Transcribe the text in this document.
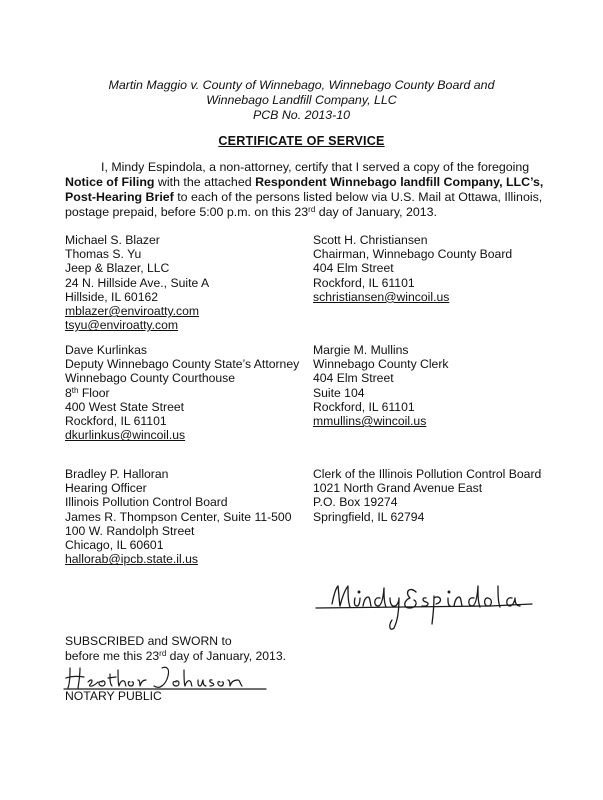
Martin Maggio v. County of Winnebago, Winnebago County Board and
Winnebago Landfill Company, LLC
PCB No. 2013-10
CERTIFICATE OF SERVICE
I, Mindy Espindola, a non-attorney, certify that I served a copy of the foregoing
Notice of Filing with the attached Respondent Winnebago landfill Company, LLC’s,
Post-Hearing Brief to each of the persons listed below via U.S. Mail at Ottawa, Illinois,
postage prepaid, before 5:00 p.m. on this 23rd day of January, 2013.
Michael S. Blazer
Thomas S. Yu
Jeep & Blazer, LLC
24 N. Hillside Ave., Suite A
Hillside, IL 60162
mblazer@enviroatty.com
tsyu@enviroatty.com
Scott H. Christiansen
Chairman, Winnebago County Board
404 Elm Street
Rockford, IL 61101
schristiansen@wincoil.us
Dave Kurlinkas
Deputy Winnebago County State’s Attorney
Winnebago County Courthouse
8th Floor
400 West State Street
Rockford, IL 61101
dkurlinkus@wincoil.us
Margie M. Mullins
Winnebago County Clerk
404 Elm Street
Suite 104
Rockford, IL 61101
mmullins@wincoil.us
Bradley P. Halloran
Hearing Officer
Illinois Pollution Control Board
James R. Thompson Center, Suite 11-500
100 W. Randolph Street
Chicago, IL 60601
hallorab@ipcb.state.il.us
Clerk of the Illinois Pollution Control Board
1021 North Grand Avenue East
P.O. Box 19274
Springfield, IL 62794
SUBSCRIBED and SWORN to
before me this 23rd day of January, 2013.
NOTARY PUBLIC
